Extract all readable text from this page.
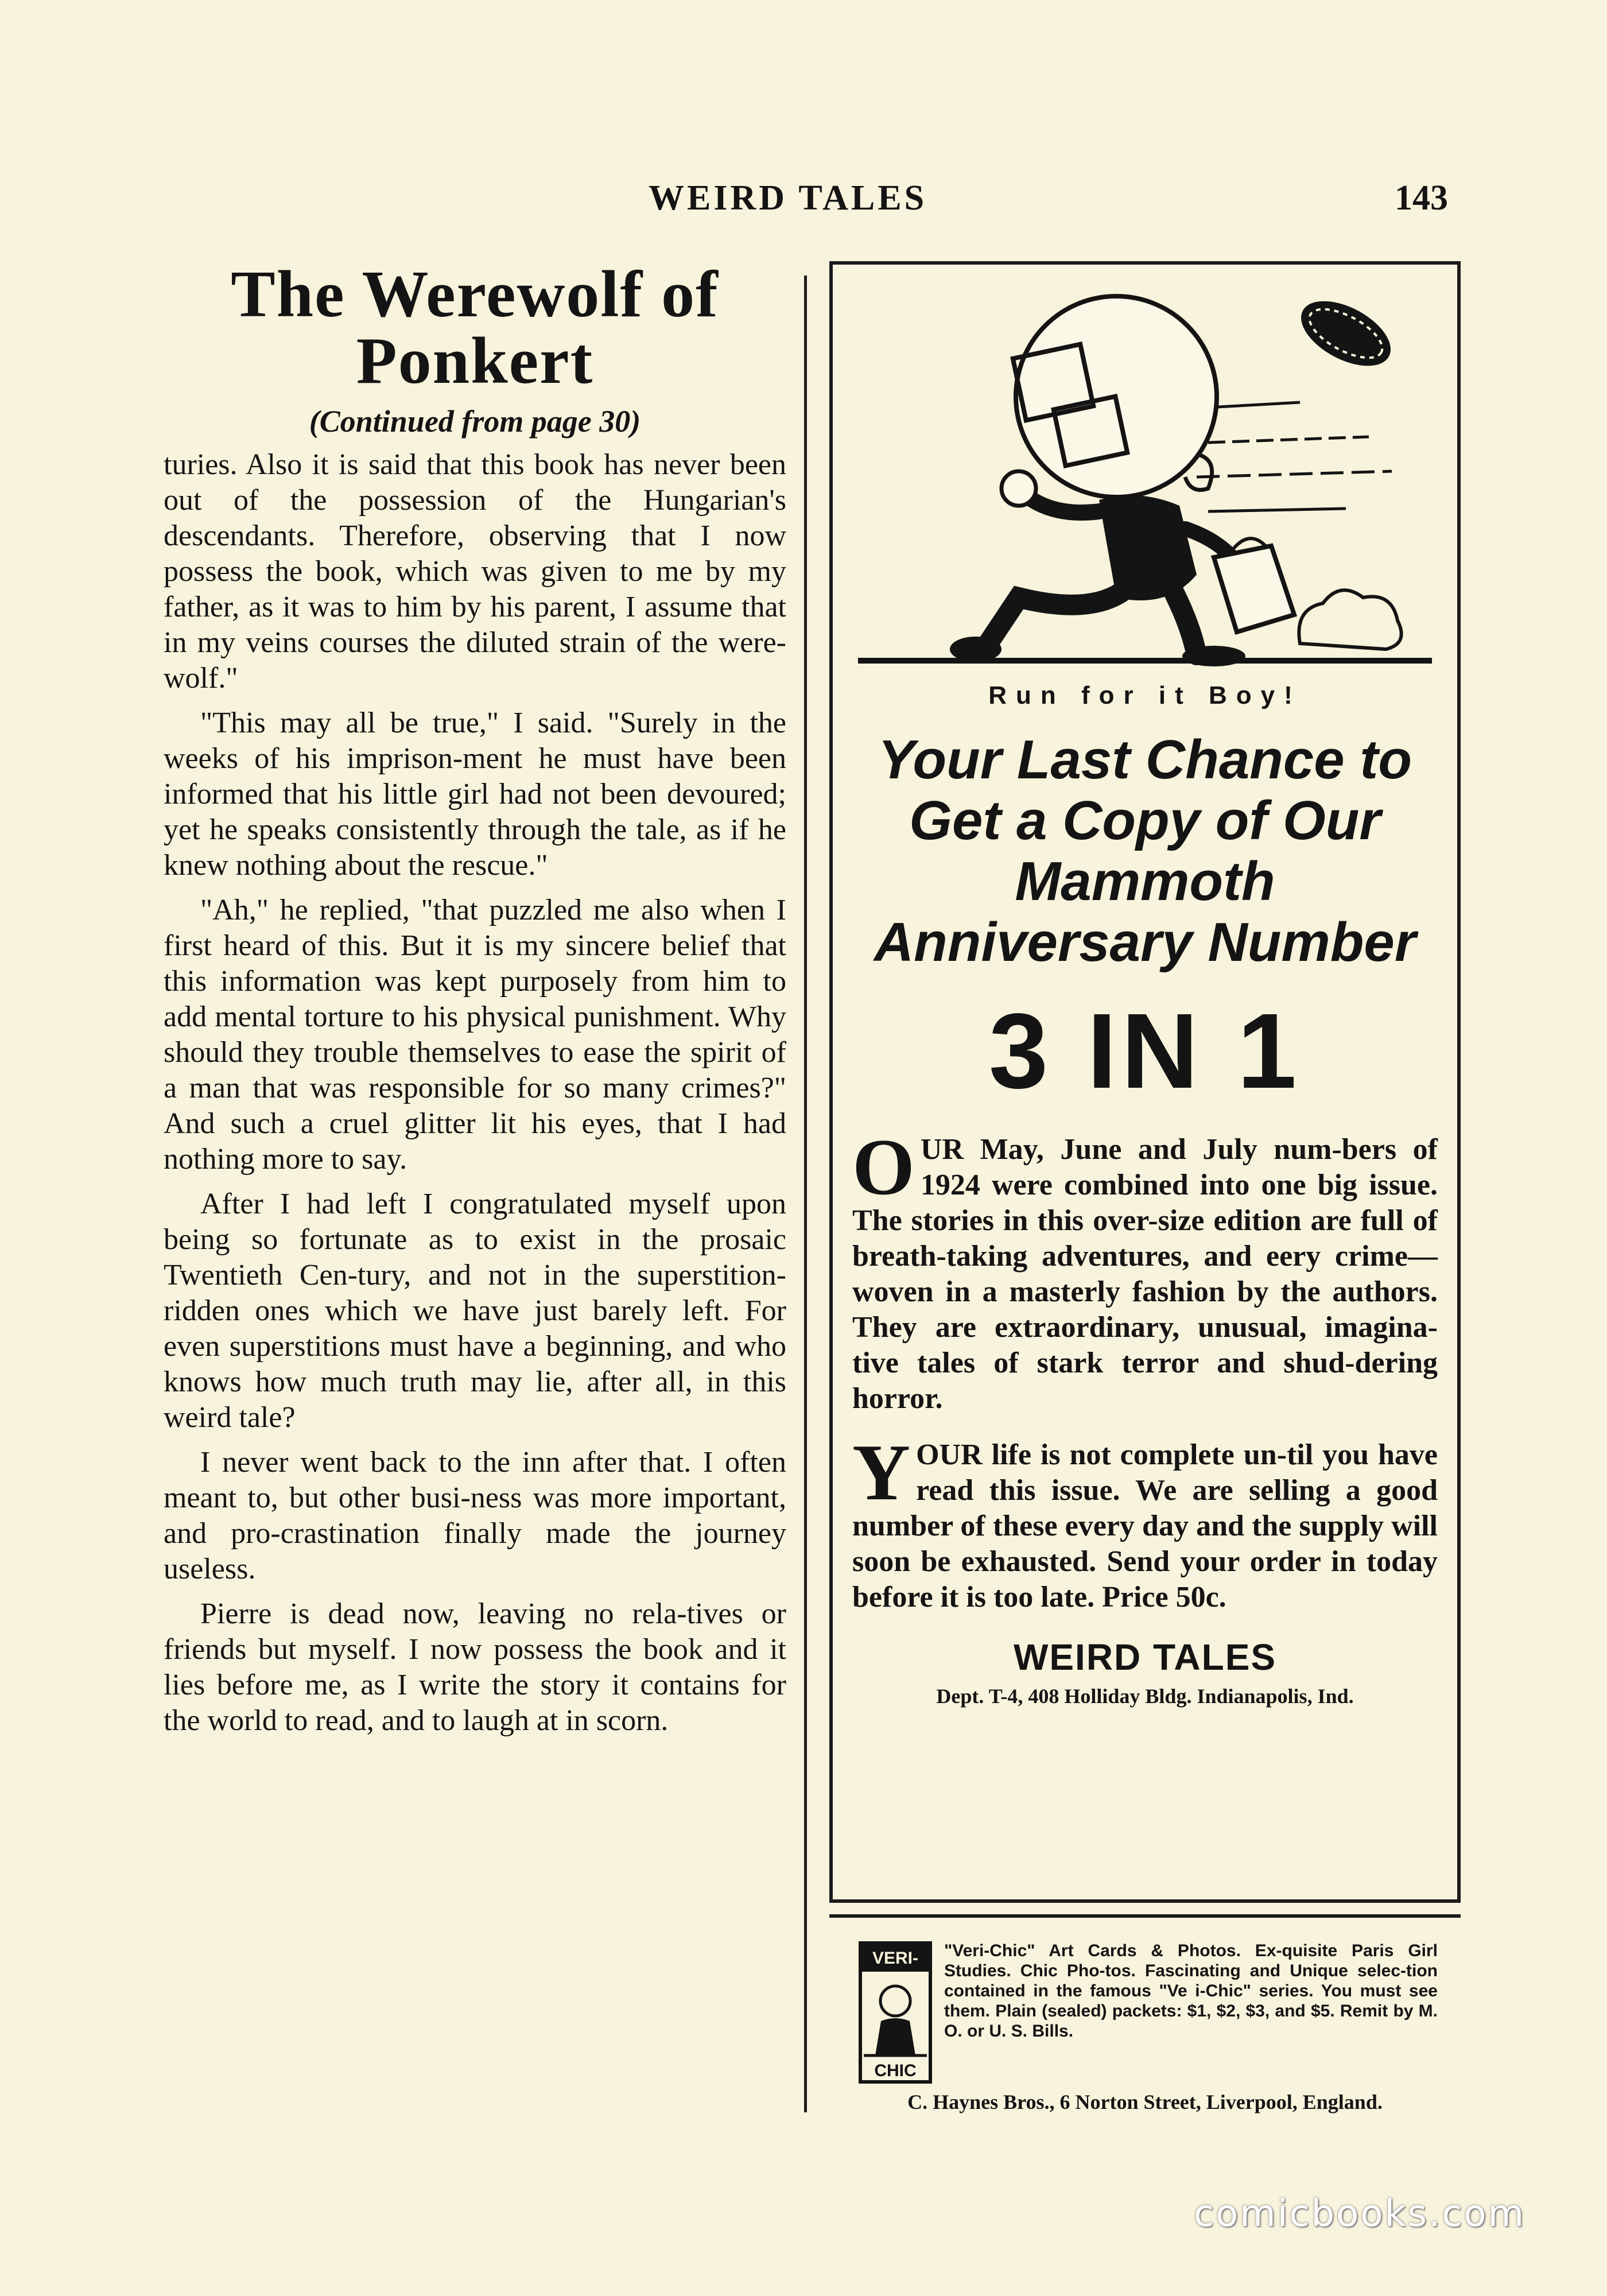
WEIRD TALES	143
The Werewolf of Ponkert
(Continued from page 30)

turies. Also it is said that this book has never been out of the possession of the Hungarian's descendants. Therefore, observing that I now possess the book, which was given to me by my father, as it was to him by his parent, I assume that in my veins courses the diluted strain of the were-wolf."

"This may all be true," I said. "Surely in the weeks of his imprison-ment he must have been informed that his little girl had not been devoured; yet he speaks consistently through the tale, as if he knew nothing about the rescue."

"Ah," he replied, "that puzzled me also when I first heard of this. But it is my sincere belief that this information was kept purposely from him to add mental torture to his physical punishment. Why should they trouble themselves to ease the spirit of a man that was responsible for so many crimes?" And such a cruel glitter lit his eyes, that I had nothing more to say.

After I had left I congratulated myself upon being so fortunate as to exist in the prosaic Twentieth Cen-tury, and not in the superstition-ridden ones which we have just barely left. For even superstitions must have a beginning, and who knows how much truth may lie, after all, in this weird tale?

I never went back to the inn after that. I often meant to, but other busi-ness was more important, and pro-crastination finally made the journey useless.

Pierre is dead now, leaving no rela-tives or friends but myself. I now possess the book and it lies before me, as I write the story it contains for the world to read, and to laugh at in scorn.

Run for it Boy!
Your Last Chance to Get a Copy of Our Mammoth Anniversary Number
3 IN 1

OUR May, June and July num-bers of 1924 were combined into one big issue. The stories in this over-size edition are full of breath-taking adventures, and eery crime—woven in a masterly fashion by the authors. They are extraordinary, unusual, imagina-tive tales of stark terror and shud-dering horror.

YOUR life is not complete un-til you have read this issue. We are selling a good number of these every day and the supply will soon be exhausted. Send your order in today before it is too late. Price 50c.

WEIRD TALES
Dept. T-4, 408 Holliday Bldg. Indianapolis, Ind.
VERI-
CHIC
"Veri-Chic" Art Cards & Photos. Ex-quisite Paris Girl Studies. Chic Pho-tos. Fascinating and Unique selec-tion contained in the famous "Ve i-Chic" series. You must see them. Plain (sealed) packets: $1, $2, $3, and $5. Remit by M. O. or U. S. Bills.
C. Haynes Bros., 6 Norton Street, Liverpool, England.
comicbooks.com
